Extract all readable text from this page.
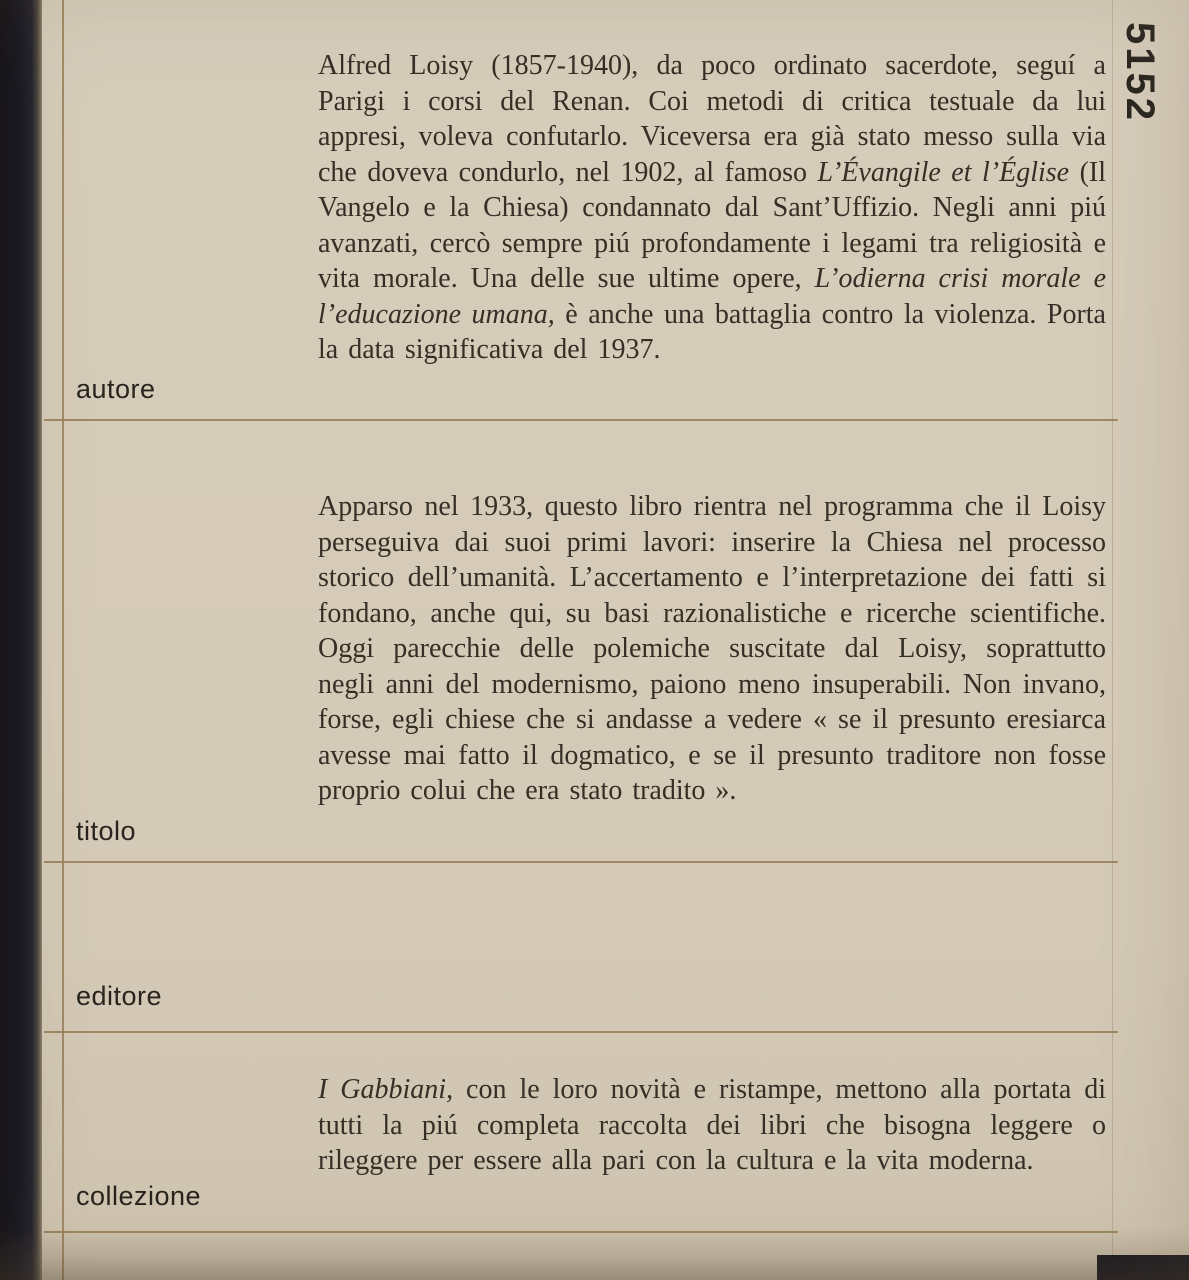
autore
titolo
editore
collezione
Alfred Loisy (1857-1940), da poco ordinato sacerdote, seguí a Parigi i corsi del Renan. Coi metodi di critica testuale da lui appresi, voleva confutarlo. Viceversa era già stato messo sulla via che doveva condurlo, nel 1902, al famoso L’Évangile et l’Église (Il Vangelo e la Chiesa) condannato dal Sant’Uffizio. Negli anni piú avanzati, cercò sempre piú profondamente i legami tra religiosità e vita morale. Una delle sue ultime opere, L’odierna crisi morale e l’educazione umana, è anche una battaglia contro la violenza. Porta la data significativa del 1937.
Apparso nel 1933, questo libro rientra nel programma che il Loisy perseguiva dai suoi primi lavori: inserire la Chiesa nel processo storico dell’umanità. L’accertamento e l’interpretazione dei fatti si fondano, anche qui, su basi razionalistiche e ricerche scientifiche. Oggi parecchie delle polemiche suscitate dal Loisy, soprattutto negli anni del modernismo, paiono meno insuperabili. Non invano, forse, egli chiese che si andasse a vedere « se il presunto eresiarca avesse mai fatto il dogmatico, e se il presunto traditore non fosse proprio colui che era stato tradito ».
I Gabbiani, con le loro novità e ristampe, mettono alla portata di tutti la piú completa raccolta dei libri che bisogna leggere o rileggere per essere alla pari con la cultura e la vita moderna.
5152
